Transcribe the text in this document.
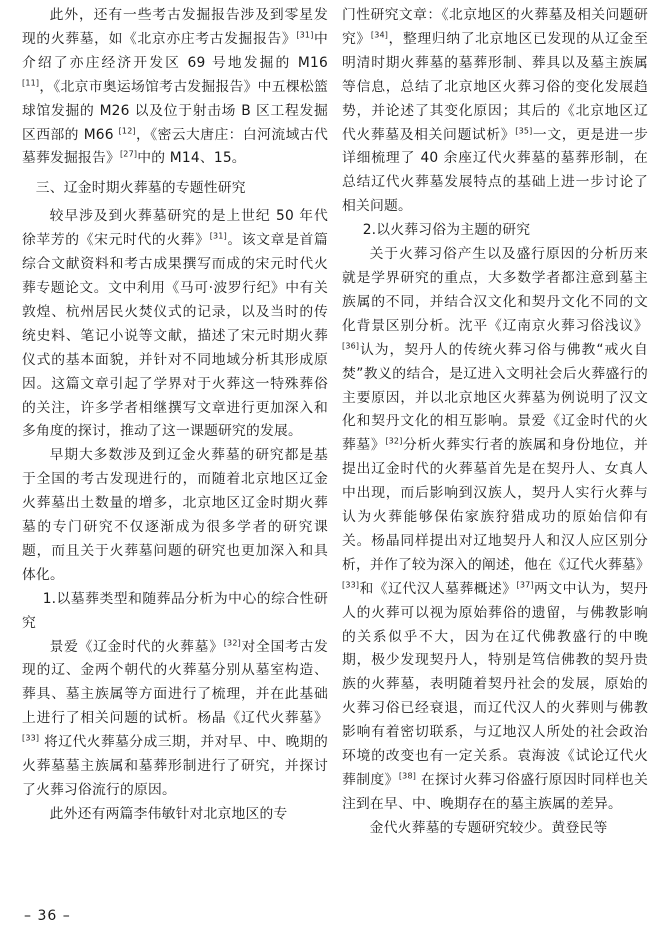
此外，还有一些考古发掘报告涉及到零星发现的火葬墓，如《北京亦庄考古发掘报告》[31]中介绍了亦庄经济开发区 69 号地发掘的 M16 [11]，《北京市奥运场馆考古发掘报告》中五棵松篮球馆发掘的 M26 以及位于射击场 B 区工程发掘区西部的 M66 [12]，《密云大唐庄：白河流域古代墓葬发掘报告》[27]中的 M14、15。

三、辽金时期火葬墓的专题性研究

较早涉及到火葬墓研究的是上世纪 50 年代徐苹芳的《宋元时代的火葬》[31]。该文章是首篇综合文献资料和考古成果撰写而成的宋元时代火葬专题论文。文中利用《马可·波罗行纪》中有关敦煌、杭州居民火焚仪式的记录，以及当时的传统史料、笔记小说等文献，描述了宋元时期火葬仪式的基本面貌，并针对不同地域分析其形成原因。这篇文章引起了学界对于火葬这一特殊葬俗的关注，许多学者相继撰写文章进行更加深入和多角度的探讨，推动了这一课题研究的发展。

早期大多数涉及到辽金火葬墓的研究都是基于全国的考古发现进行的，而随着北京地区辽金火葬墓出土数量的增多，北京地区辽金时期火葬墓的专门研究不仅逐渐成为很多学者的研究课题，而且关于火葬墓问题的研究也更加深入和具体化。

1.以墓葬类型和随葬品分析为中心的综合性研究

景爱《辽金时代的火葬墓》[32]对全国考古发现的辽、金两个朝代的火葬墓分别从墓室构造、葬具、墓主族属等方面进行了梳理，并在此基础上进行了相关问题的试析。杨晶《辽代火葬墓》[33] 将辽代火葬墓分成三期，并对早、中、晚期的火葬墓墓主族属和墓葬形制进行了研究，并探讨了火葬习俗流行的原因。

此外还有两篇李伟敏针对北京地区的专

门性研究文章：《北京地区的火葬墓及相关问题研究》[34]，整理归纳了北京地区已发现的从辽金至明清时期火葬墓的墓葬形制、葬具以及墓主族属等信息，总结了北京地区火葬习俗的变化发展趋势，并论述了其变化原因；其后的《北京地区辽代火葬墓及相关问题试析》[35]一文，更是进一步详细梳理了 40 余座辽代火葬墓的墓葬形制，在总结辽代火葬墓发展特点的基础上进一步讨论了相关问题。

2.以火葬习俗为主题的研究

关于火葬习俗产生以及盛行原因的分析历来就是学界研究的重点，大多数学者都注意到墓主族属的不同，并结合汉文化和契丹文化不同的文化背景区别分析。沈平《辽南京火葬习俗浅议》[36]认为，契丹人的传统火葬习俗与佛教“戒火自焚”教义的结合，是辽进入文明社会后火葬盛行的主要原因，并以北京地区火葬墓为例说明了汉文化和契丹文化的相互影响。景爱《辽金时代的火葬墓》[32]分析火葬实行者的族属和身份地位，并提出辽金时代的火葬墓首先是在契丹人、女真人中出现，而后影响到汉族人，契丹人实行火葬与认为火葬能够保佑家族狩猎成功的原始信仰有关。杨晶同样提出对辽地契丹人和汉人应区别分析，并作了较为深入的阐述，他在《辽代火葬墓》[33]和《辽代汉人墓葬概述》[37]两文中认为，契丹人的火葬可以视为原始葬俗的遗留，与佛教影响的关系似乎不大，因为在辽代佛教盛行的中晚期，极少发现契丹人，特别是笃信佛教的契丹贵族的火葬墓，表明随着契丹社会的发展，原始的火葬习俗已经衰退，而辽代汉人的火葬则与佛教影响有着密切联系，与辽地汉人所处的社会政治环境的改变也有一定关系。袁海波《试论辽代火葬制度》[38] 在探讨火葬习俗盛行原因时同样也关注到在早、中、晚期存在的墓主族属的差异。

金代火葬墓的专题研究较少。黄登民等

– 36 –
